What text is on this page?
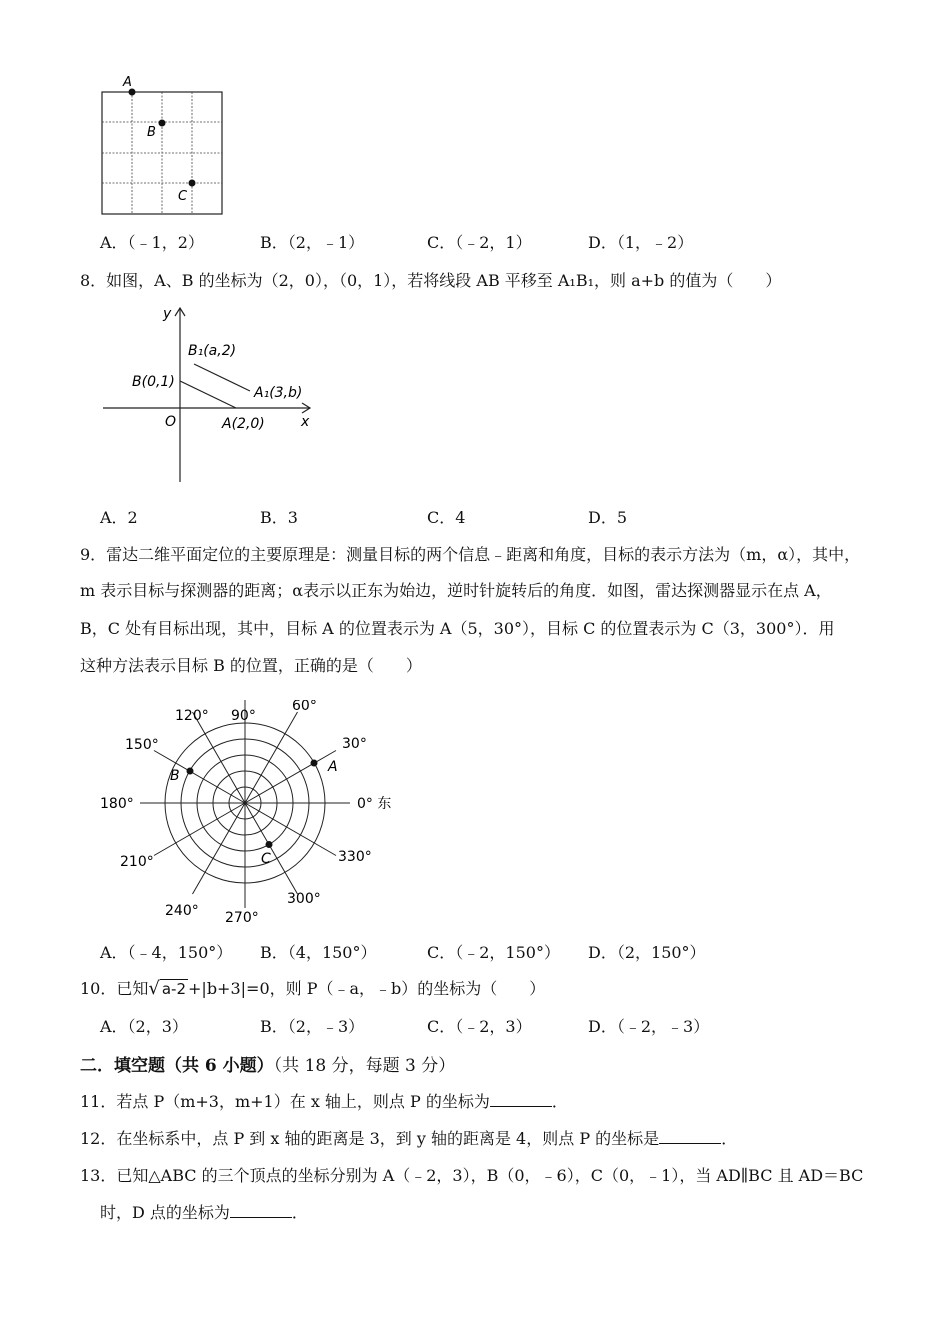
A
B
C
A．（﹣1，2）	B．（2，﹣1）	C．（﹣2，1）	D．（1，﹣2）
8．如图，A、B 的坐标为（2，0），（0，1），若将线段 AB 平移至 A₁B₁，则 a+b 的值为（　　）
y
x
O
B(0,1)
A(2,0)
B₁(a,2)
A₁(3,b)
A．2	B．3	C．4	D．5
9．雷达二维平面定位的主要原理是：测量目标的两个信息﹣距离和角度，目标的表示方法为（m，α），其中，
m 表示目标与探测器的距离；α表示以正东为始边，逆时针旋转后的角度．如图，雷达探测器显示在点 A，
B，C 处有目标出现，其中，目标 A 的位置表示为 A（5，30°），目标 C 的位置表示为 C（3，300°）．用
这种方法表示目标 B 的位置，正确的是（　　）
A
B
C
0° 东
30°
60°
90°
120°
150°
180°
210°
240° 270°
300°
330°
A．（﹣4，150°） B．（4，150°）	C．（﹣2，150°） D．（2，150°）
10．已知√ a-2 +|b+3|=0，则 P（﹣a，﹣b）的坐标为（　　）
A．（2，3）	B．（2，﹣3）	C．（﹣2，3）	D．（﹣2，﹣3）
二．填空题（共 6 小题）（共 18 分，每题 3 分）
11．若点 P（m+3，m+1）在 x 轴上，则点 P 的坐标为	．
12．在坐标系中，点 P 到 x 轴的距离是 3，到 y 轴的距离是 4，则点 P 的坐标是	．
13．已知△ABC 的三个顶点的坐标分别为 A（﹣2，3），B（0，﹣6），C（0，﹣1），当 AD∥BC 且 AD＝BC
时，D 点的坐标为	．
